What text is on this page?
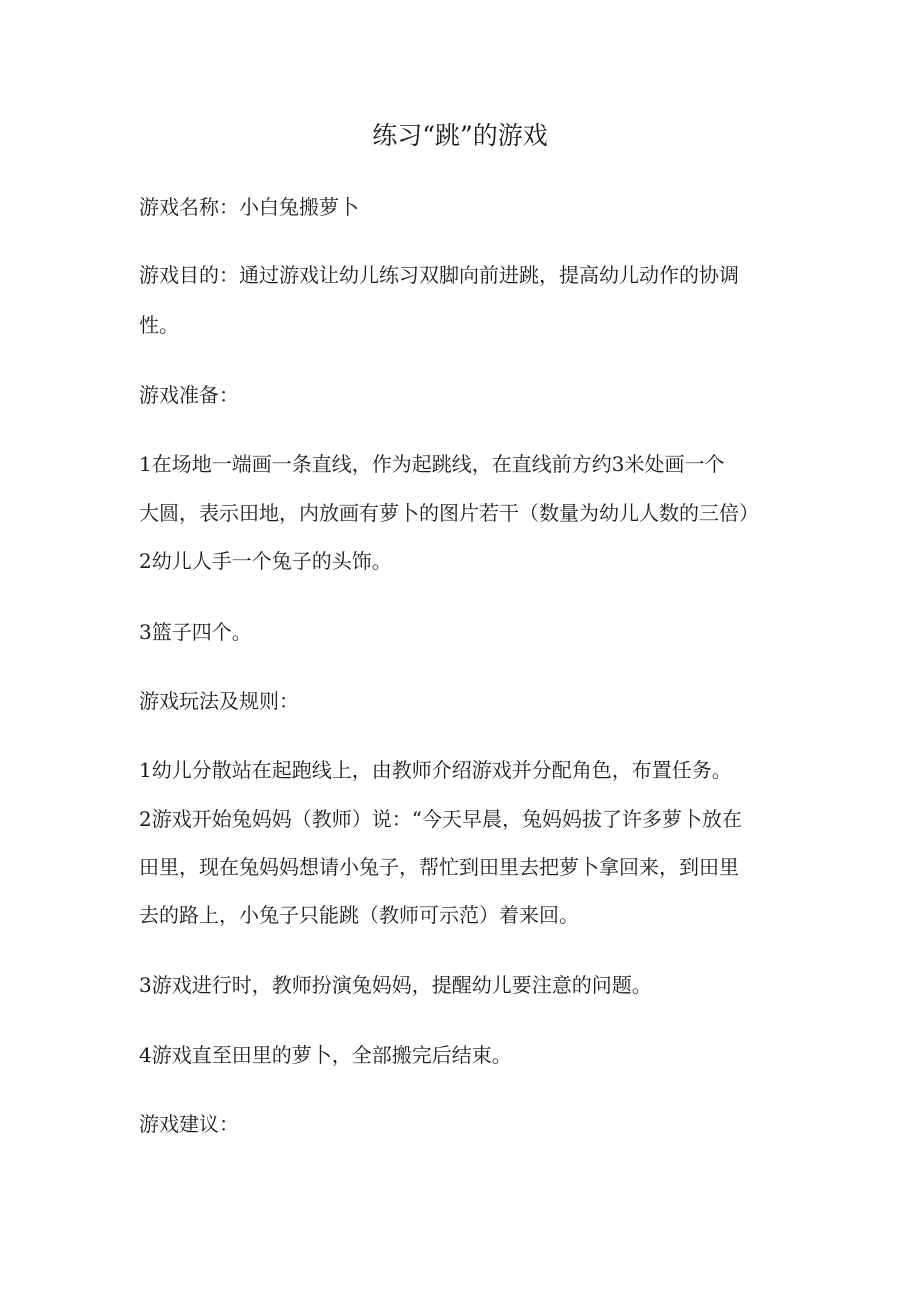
练习“跳”的游戏

游戏名称：小白兔搬萝卜

游戏目的：通过游戏让幼儿练习双脚向前进跳，提高幼儿动作的协调

性。

游戏准备：

1在场地一端画一条直线，作为起跳线，在直线前方约3米处画一个

大圆，表示田地，内放画有萝卜的图片若干（数量为幼儿人数的三倍）

2幼儿人手一个兔子的头饰。

3篮子四个。

游戏玩法及规则：

1幼儿分散站在起跑线上，由教师介绍游戏并分配角色，布置任务。

2游戏开始兔妈妈（教师）说：“今天早晨，兔妈妈拔了许多萝卜放在

田里，现在兔妈妈想请小兔子，帮忙到田里去把萝卜拿回来，到田里

去的路上，小兔子只能跳（教师可示范）着来回。

3游戏进行时，教师扮演兔妈妈，提醒幼儿要注意的问题。

4游戏直至田里的萝卜，全部搬完后结束。

游戏建议：
